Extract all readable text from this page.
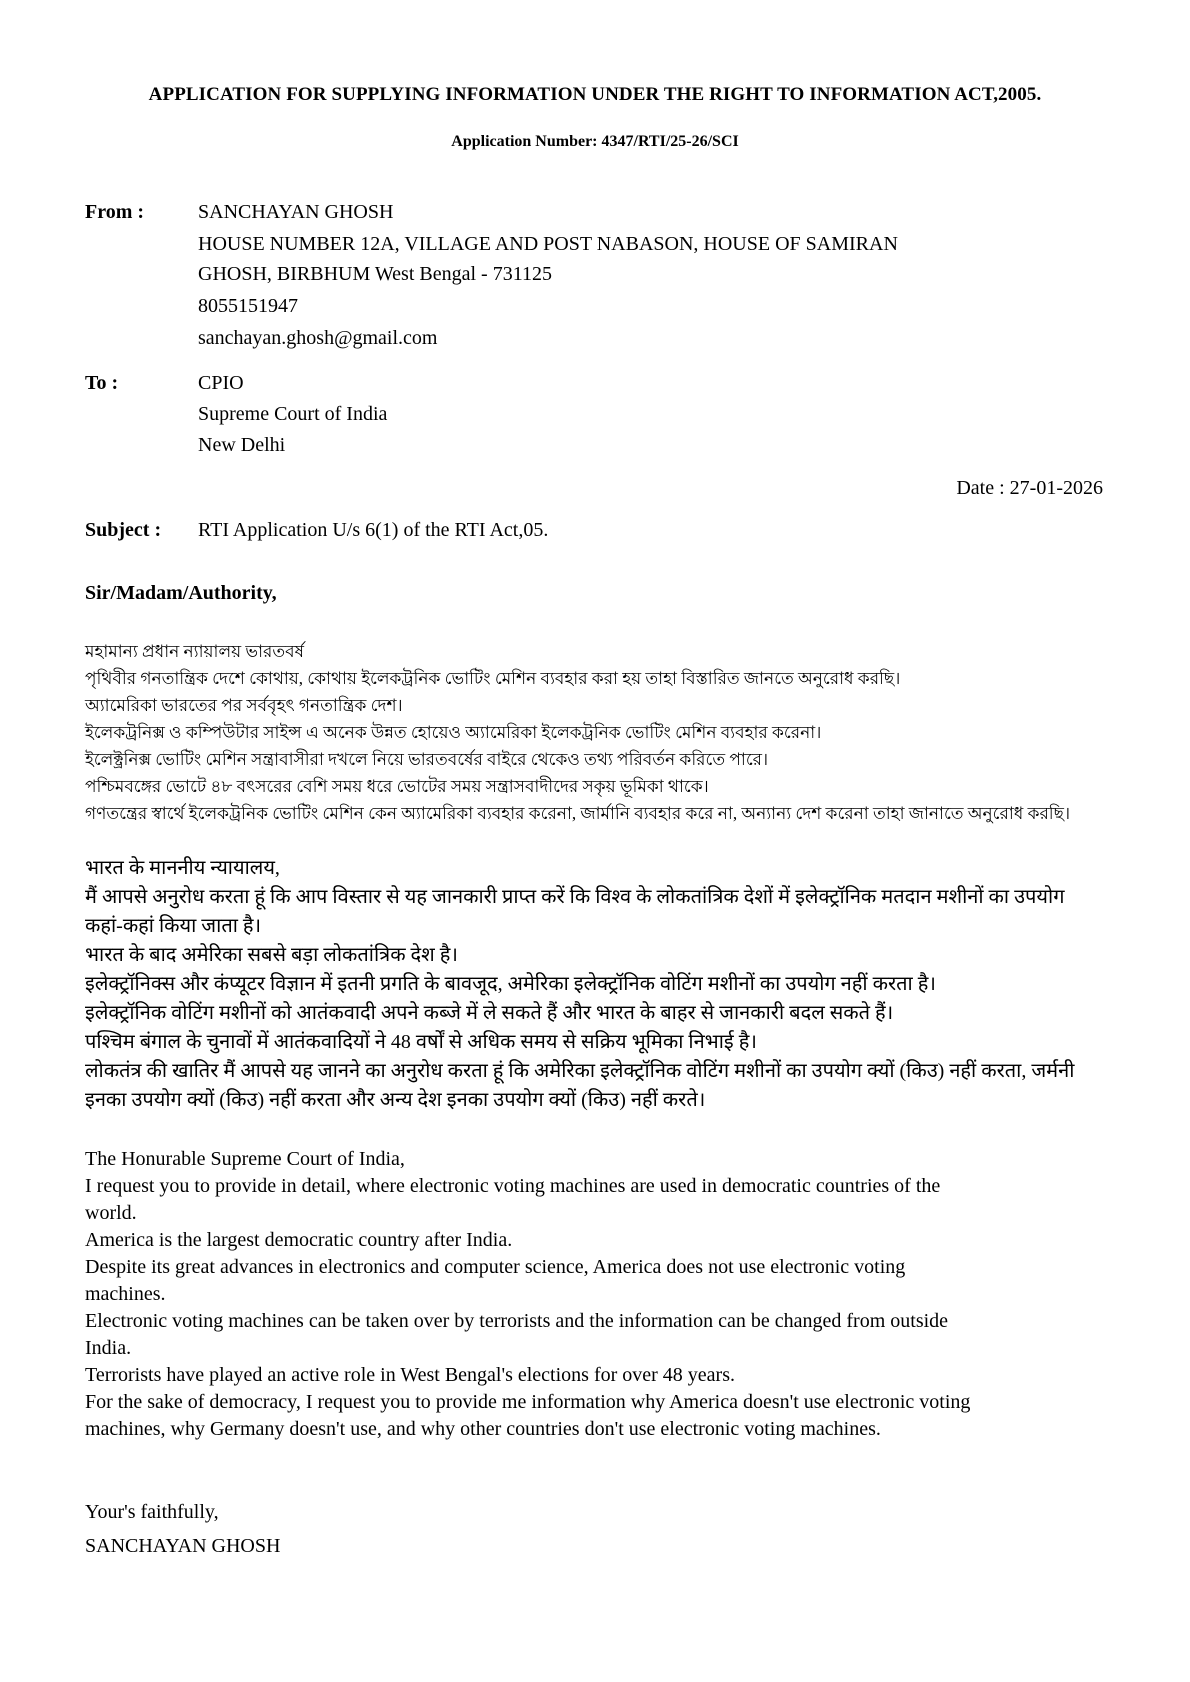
APPLICATION FOR SUPPLYING INFORMATION UNDER THE RIGHT TO INFORMATION ACT,2005.
Application Number: 4347/RTI/25-26/SCI
From :	SANCHAYAN GHOSH
HOUSE NUMBER 12A, VILLAGE AND POST NABASON, HOUSE OF SAMIRAN GHOSH, BIRBHUM West Bengal - 731125
8055151947
sanchayan.ghosh@gmail.com
To :	CPIO
Supreme Court of India
New Delhi
Date : 27-01-2026
Subject :	RTI Application U/s 6(1) of the RTI Act,05.
Sir/Madam/Authority,
মহামান্য প্রধান ন্যায়ালয় ভারতবর্ষ
পৃথিবীর গনতান্ত্রিক দেশে কোথায়, কোথায় ইলেকট্রনিক ভোটিং মেশিন ব্যবহার করা হয় তাহা বিস্তারিত জানতে অনুরোধ করছি।
অ্যামেরিকা ভারতের পর সর্ববৃহৎ গনতান্ত্রিক দেশ।
ইলেকট্রনিক্স ও কম্পিউটার সাইন্স এ অনেক উন্নত হোয়েও অ্যামেরিকা ইলেকট্রনিক ভোটিং মেশিন ব্যবহার করেনা।
ইলেক্ট্রনিক্স ভোটিং মেশিন সন্ত্রাবাসীরা দখলে নিয়ে ভারতবর্ষের বাইরে থেকেও তথ্য পরিবর্তন করিতে পারে।
পশ্চিমবঙ্গের ভোটে ৪৮ বৎসরের বেশি সময় ধরে ভোটের সময় সন্ত্রাসবাদীদের সকৃয় ভূমিকা থাকে।
গণতন্ত্রের স্বার্থে ইলেকট্রনিক ভোটিং মেশিন কেন অ্যামেরিকা ব্যবহার করেনা, জার্মানি ব্যবহার করে না, অন্যান্য দেশ করেনা তাহা জানাতে অনুরোধ করছি।
भारत के माननीय न्यायालय,
मैं आपसे अनुरोध करता हूं कि आप विस्तार से यह जानकारी प्राप्त करें कि विश्व के लोकतांत्रिक देशों में इलेक्ट्रॉनिक मतदान मशीनों का उपयोग कहां-कहां किया जाता है।
भारत के बाद अमेरिका सबसे बड़ा लोकतांत्रिक देश है।
इलेक्ट्रॉनिक्स और कंप्यूटर विज्ञान में इतनी प्रगति के बावजूद, अमेरिका इलेक्ट्रॉनिक वोटिंग मशीनों का उपयोग नहीं करता है।
इलेक्ट्रॉनिक वोटिंग मशीनों को आतंकवादी अपने कब्जे में ले सकते हैं और भारत के बाहर से जानकारी बदल सकते हैं।
पश्चिम बंगाल के चुनावों में आतंकवादियों ने 48 वर्षों से अधिक समय से सक्रिय भूमिका निभाई है।
लोकतंत्र की खातिर मैं आपसे यह जानने का अनुरोध करता हूं कि अमेरिका इलेक्ट्रॉनिक वोटिंग मशीनों का उपयोग क्यों (किउ) नहीं करता, जर्मनी इनका उपयोग क्यों (किउ) नहीं करता और अन्य देश इनका उपयोग क्यों (किउ) नहीं करते।
The Honurable Supreme Court of India,
I request you to provide in detail, where electronic voting machines are used in democratic countries of the world.
America is the largest democratic country after India.
Despite its great advances in electronics and computer science, America does not use electronic voting machines.
Electronic voting machines can be taken over by terrorists and the information can be changed from outside India.
Terrorists have played an active role in West Bengal's elections for over 48 years.
For the sake of democracy, I request you to provide me information why America doesn't use electronic voting machines, why Germany doesn't use, and why other countries don't use electronic voting machines.
Your's faithfully,
SANCHAYAN GHOSH
